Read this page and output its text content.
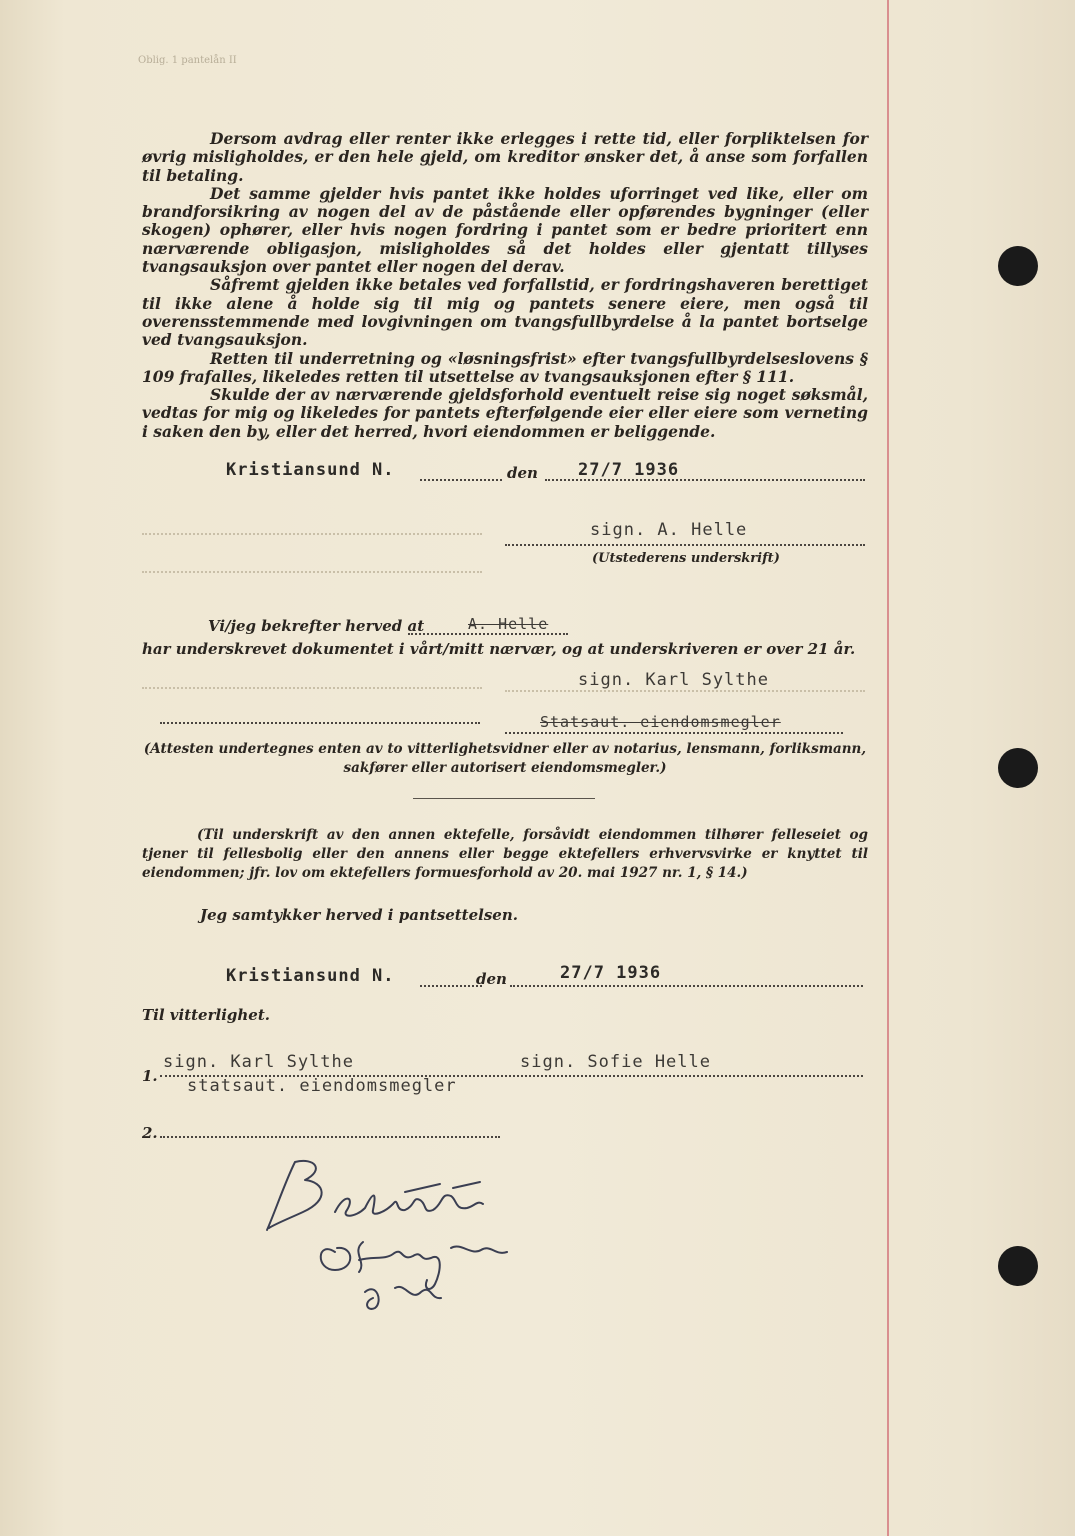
Oblig. 1 pantelån II

Dersom avdrag eller renter ikke erlegges i rette tid, eller forpliktelsen for øvrig misligholdes, er den hele gjeld, om kreditor ønsker det, å anse som forfallen til betaling.

Det samme gjelder hvis pantet ikke holdes uforringet ved like, eller om brandforsikring av nogen del av de påstående eller opførendes bygninger (eller skogen) ophører, eller hvis nogen fordring i pantet som er bedre prioritert enn nærværende obligasjon, misligholdes så det holdes eller gjentatt tillyses tvangsauksjon over pantet eller nogen del derav.

Såfremt gjelden ikke betales ved forfallstid, er fordringshaveren berettiget til ikke alene å holde sig til mig og pantets senere eiere, men også til overensstemmende med lovgivningen om tvangsfullbyrdelse å la pantet bortselge ved tvangsauksjon.

Retten til underretning og «løsningsfrist» efter tvangsfullbyrdelseslovens § 109 frafalles, likeledes retten til utsettelse av tvangsauksjonen efter § 111.

Skulde der av nærværende gjeldsforhold eventuelt reise sig noget søksmål, vedtas for mig og likeledes for pantets efterfølgende eier eller eiere som verneting i saken den by, eller det herred, hvori eiendommen er beliggende.

Kristiansund N.	den 27/7 1936
sign. A. Helle
(Utstederens underskrift)
Vi/jeg bekrefter herved at	A. Helle
har underskrevet dokumentet i vårt/mitt nærvær, og at underskriveren er over 21 år.
sign. Karl Sylthe
Statsaut. eiendomsmegler
(Attesten undertegnes enten av to vitterlighetsvidner eller av notarius, lensmann, forliksmann, sakfører eller autorisert eiendomsmegler.)
(Til underskrift av den annen ektefelle, forsåvidt eiendommen tilhører felleseiet og tjener til fellesbolig eller den annens eller begge ektefellers erhvervsvirke er knyttet til eiendommen; jfr. lov om ektefellers formuesforhold av 20. mai 1927 nr. 1, § 14.)
Jeg samtykker herved i pantsettelsen.
Kristiansund N.	den	27/7 1936
Til vitterlighet.
1.
sign. Karl Sylthe	sign. Sofie Helle
statsaut. eiendomsmegler
2.
